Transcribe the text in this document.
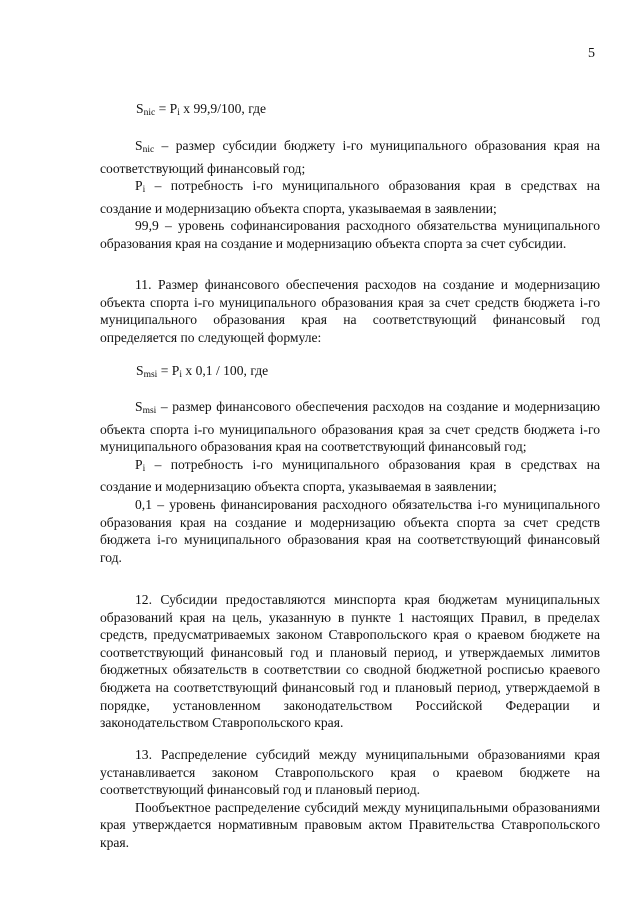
5
$S_{nic} = P_i$ x 99,9/100, где

$S_{nic}$ – размер субсидии бюджету i-го муниципального образования края на соответствующий финансовый год;

$P_i$ – потребность i-го муниципального образования края в средствах на создание и модернизацию объекта спорта, указываемая в заявлении;

99,9 – уровень софинансирования расходного обязательства муниципального образования края на создание и модернизацию объекта спорта за счет субсидии.

11. Размер финансового обеспечения расходов на создание и модернизацию объекта спорта i-го муниципального образования края за счет средств бюджета i-го муниципального образования края на соответствующий финансовый год определяется по следующей формуле:

$S_{msi} = P_i$ x 0,1 / 100, где

$S_{msi}$ – размер финансового обеспечения расходов на создание и модернизацию объекта спорта i-го муниципального образования края за счет средств бюджета i-го муниципального образования края на соответствующий финансовый год;

$P_i$ – потребность i-го муниципального образования края в средствах на создание и модернизацию объекта спорта, указываемая в заявлении;

0,1 – уровень финансирования расходного обязательства i-го муниципального образования края на создание и модернизацию объекта спорта за счет средств бюджета i-го муниципального образования края на соответствующий финансовый год.

12. Субсидии предоставляются минспорта края бюджетам муниципальных образований края на цель, указанную в пункте 1 настоящих Правил, в пределах средств, предусматриваемых законом Ставропольского края о краевом бюджете на соответствующий финансовый год и плановый период, и утверждаемых лимитов бюджетных обязательств в соответствии со сводной бюджетной росписью краевого бюджета на соответствующий финансовый год и плановый период, утверждаемой в порядке, установленном законодательством Российской Федерации и законодательством Ставропольского края.

13. Распределение субсидий между муниципальными образованиями края устанавливается законом Ставропольского края о краевом бюджете на соответствующий финансовый год и плановый период.

Пообъектное распределение субсидий между муниципальными образованиями края утверждается нормативным правовым актом Правительства Ставропольского края.
